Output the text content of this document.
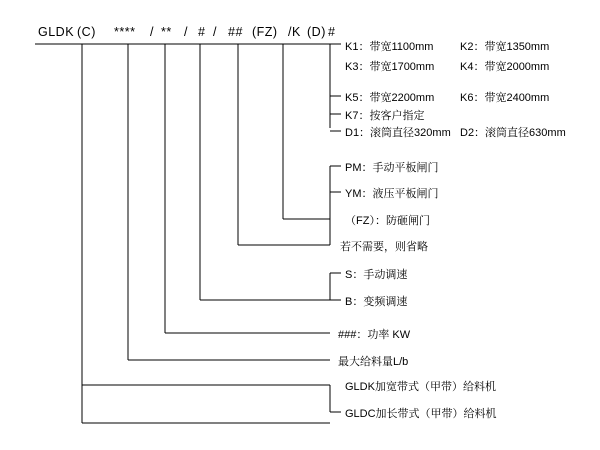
GLDK (C) **** / ** / # / ## (FZ) /K (D) #
K1：带宽1100mm K2：带宽1350mm
K3：带宽1700mm K4：带宽2000mm
K5：带宽2200mm K6：带宽2400mm
K7：按客户指定
D1：滚筒直径320mm D2：滚筒直径630mm
PM：手动平板闸门
YM：液压平板闸门
（FZ）：防砸闸门
若不需要，则省略
S：手动调速
B：变频调速
###：功率 KW
最大给料量L/b
GLDK加宽带式（甲带）给料机
GLDC加长带式（甲带）给料机
